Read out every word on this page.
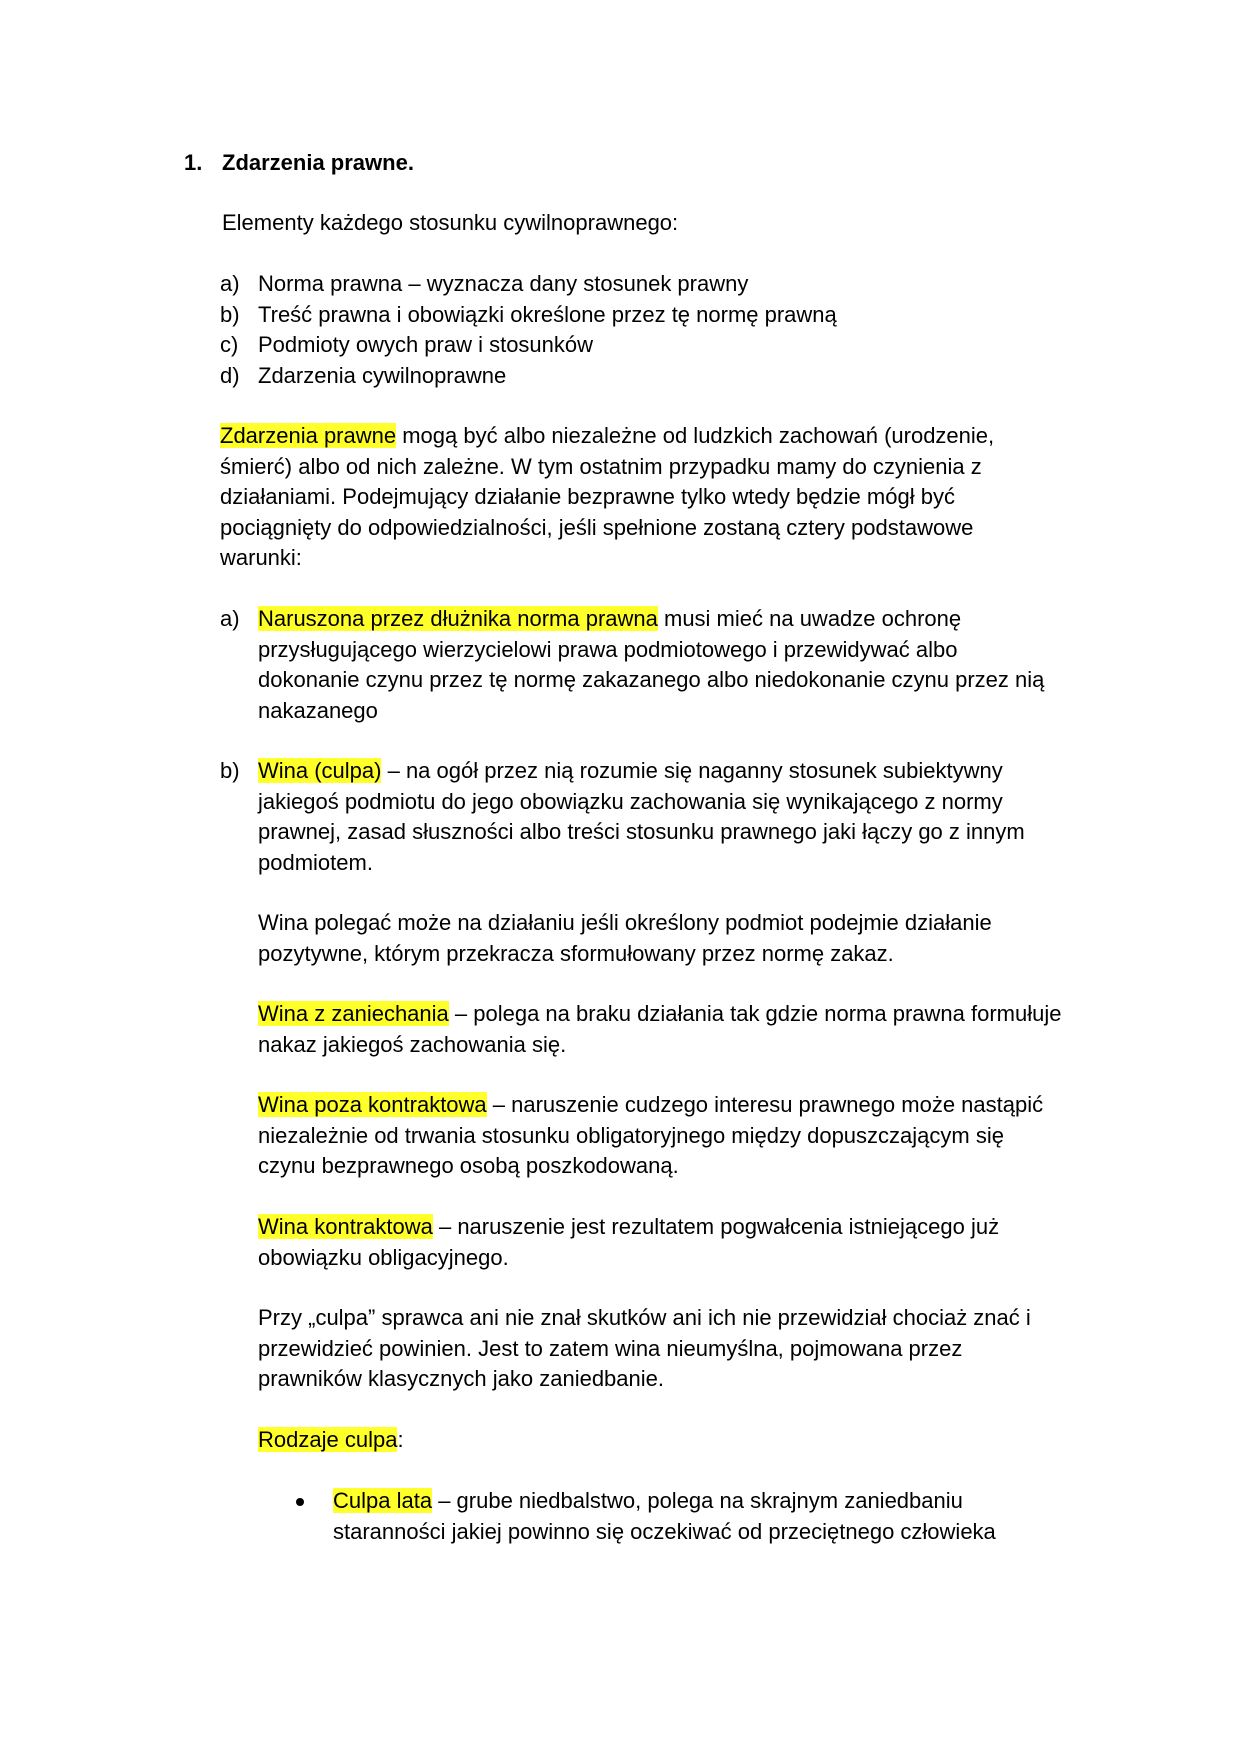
1. Zdarzenia prawne.
Elementy każdego stosunku cywilnoprawnego:
a) Norma prawna – wyznacza dany stosunek prawny
b) Treść prawna i obowiązki określone przez tę normę prawną
c) Podmioty owych praw i stosunków
d) Zdarzenia cywilnoprawne
Zdarzenia prawne mogą być albo niezależne od ludzkich zachowań (urodzenie,
śmierć) albo od nich zależne. W tym ostatnim przypadku mamy do czynienia z
działaniami. Podejmujący działanie bezprawne tylko wtedy będzie mógł być
pociągnięty do odpowiedzialności, jeśli spełnione zostaną cztery podstawowe
warunki:
a) Naruszona przez dłużnika norma prawna musi mieć na uwadze ochronę
przysługującego wierzycielowi prawa podmiotowego i przewidywać albo
dokonanie czynu przez tę normę zakazanego albo niedokonanie czynu przez nią
nakazanego
b) Wina (culpa) – na ogół przez nią rozumie się naganny stosunek subiektywny
jakiegoś podmiotu do jego obowiązku zachowania się wynikającego z normy
prawnej, zasad słuszności albo treści stosunku prawnego jaki łączy go z innym
podmiotem.
Wina polegać może na działaniu jeśli określony podmiot podejmie działanie
pozytywne, którym przekracza sformułowany przez normę zakaz.
Wina z zaniechania – polega na braku działania tak gdzie norma prawna formułuje
nakaz jakiegoś zachowania się.
Wina poza kontraktowa – naruszenie cudzego interesu prawnego może nastąpić
niezależnie od trwania stosunku obligatoryjnego między dopuszczającym się
czynu bezprawnego osobą poszkodowaną.
Wina kontraktowa – naruszenie jest rezultatem pogwałcenia istniejącego już
obowiązku obligacyjnego.
Przy „culpa” sprawca ani nie znał skutków ani ich nie przewidział chociaż znać i
przewidzieć powinien. Jest to zatem wina nieumyślna, pojmowana przez
prawników klasycznych jako zaniedbanie.
Rodzaje culpa:
Culpa lata – grube niedbalstwo, polega na skrajnym zaniedbaniu
staranności jakiej powinno się oczekiwać od przeciętnego człowieka
